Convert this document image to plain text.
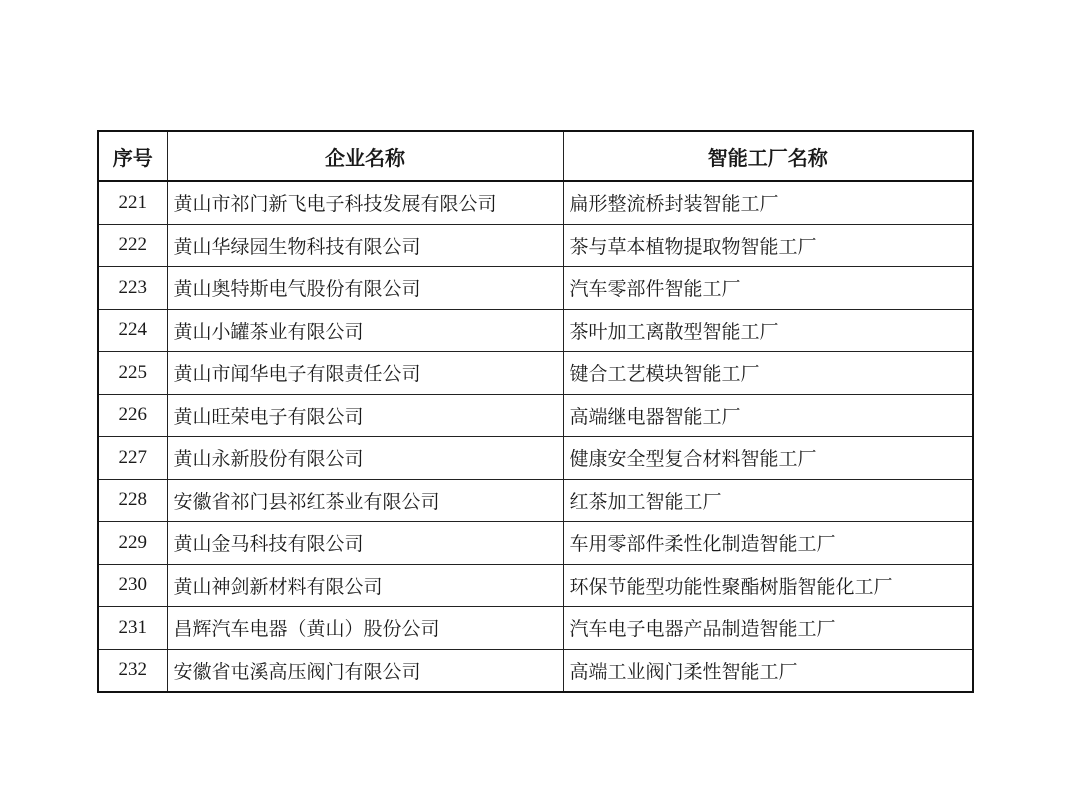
序号	企业名称	智能工厂名称
221	黄山市祁门新飞电子科技发展有限公司	扁形整流桥封装智能工厂
222	黄山华绿园生物科技有限公司	茶与草本植物提取物智能工厂
223	黄山奥特斯电气股份有限公司	汽车零部件智能工厂
224	黄山小罐茶业有限公司	茶叶加工离散型智能工厂
225	黄山市闻华电子有限责任公司	键合工艺模块智能工厂
226	黄山旺荣电子有限公司	高端继电器智能工厂
227	黄山永新股份有限公司	健康安全型复合材料智能工厂
228	安徽省祁门县祁红茶业有限公司	红茶加工智能工厂
229	黄山金马科技有限公司	车用零部件柔性化制造智能工厂
230	黄山神剑新材料有限公司	环保节能型功能性聚酯树脂智能化工厂
231	昌辉汽车电器（黄山）股份公司	汽车电子电器产品制造智能工厂
232	安徽省屯溪高压阀门有限公司	高端工业阀门柔性智能工厂
